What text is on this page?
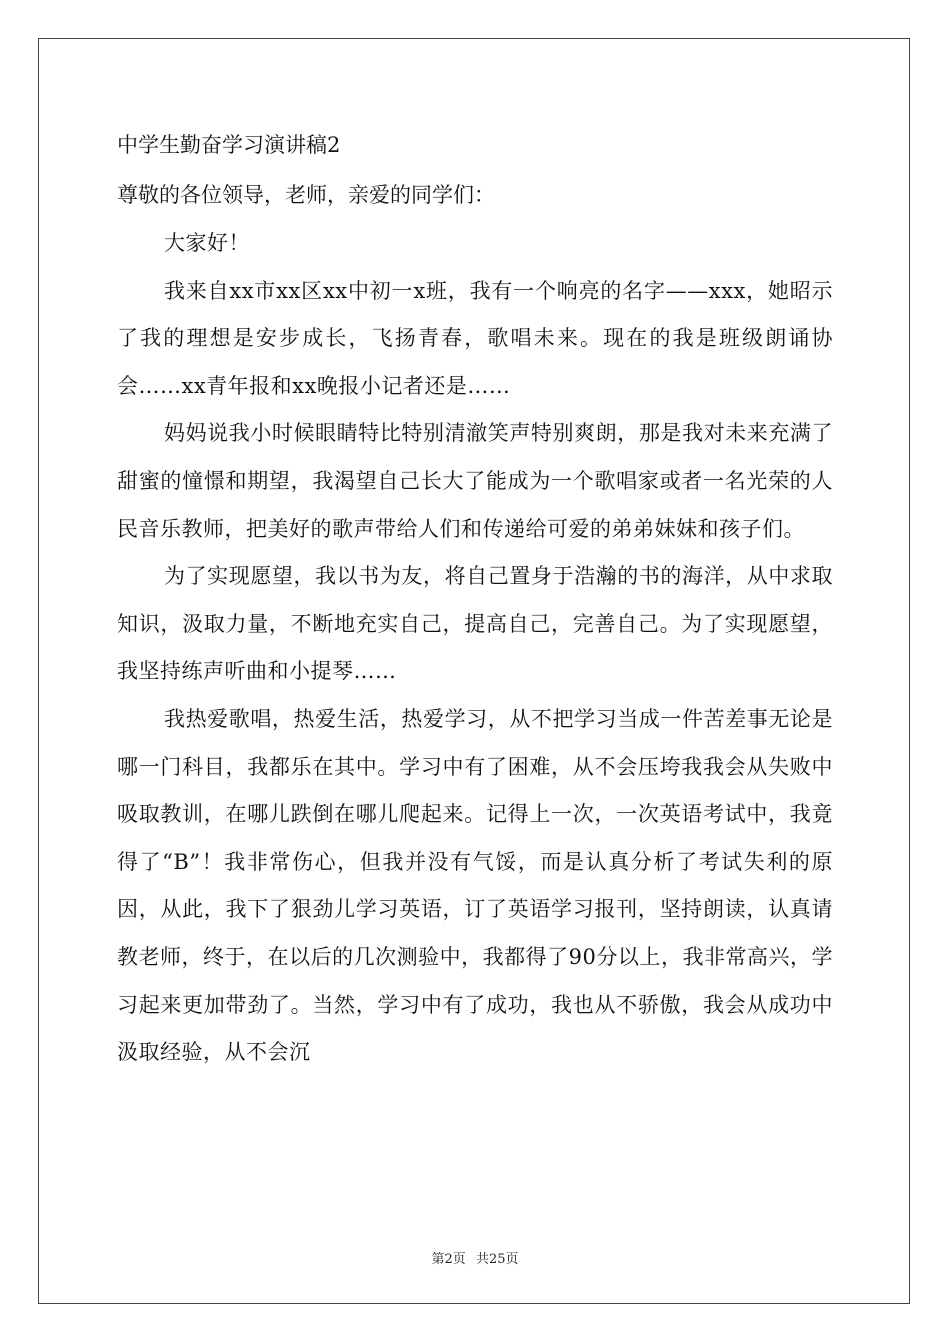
中学生勤奋学习演讲稿2
尊敬的各位领导，老师，亲爱的同学们：

大家好！

我来自xx市xx区xx中初一x班，我有一个响亮的名字——xxx，她昭示了我的理想是安步成长，飞扬青春，歌唱未来。现在的我是班级朗诵协会……xx青年报和xx晚报小记者还是……

妈妈说我小时候眼睛特比特别清澈笑声特别爽朗，那是我对未来充满了甜蜜的憧憬和期望，我渴望自己长大了能成为一个歌唱家或者一名光荣的人民音乐教师，把美好的歌声带给人们和传递给可爱的弟弟妹妹和孩子们。

为了实现愿望，我以书为友，将自己置身于浩瀚的书的海洋，从中求取知识，汲取力量，不断地充实自己，提高自己，完善自己。为了实现愿望，我坚持练声听曲和小提琴……

我热爱歌唱，热爱生活，热爱学习，从不把学习当成一件苦差事无论是哪一门科目，我都乐在其中。学习中有了困难，从不会压垮我我会从失败中吸取教训，在哪儿跌倒在哪儿爬起来。记得上一次，一次英语考试中，我竟得了“B”！我非常伤心，但我并没有气馁，而是认真分析了考试失利的原因，从此，我下了狠劲儿学习英语，订了英语学习报刊，坚持朗读，认真请教老师，终于，在以后的几次测验中，我都得了90分以上，我非常高兴，学习起来更加带劲了。当然，学习中有了成功，我也从不骄傲，我会从成功中汲取经验，从不会沉

第2页 共25页
